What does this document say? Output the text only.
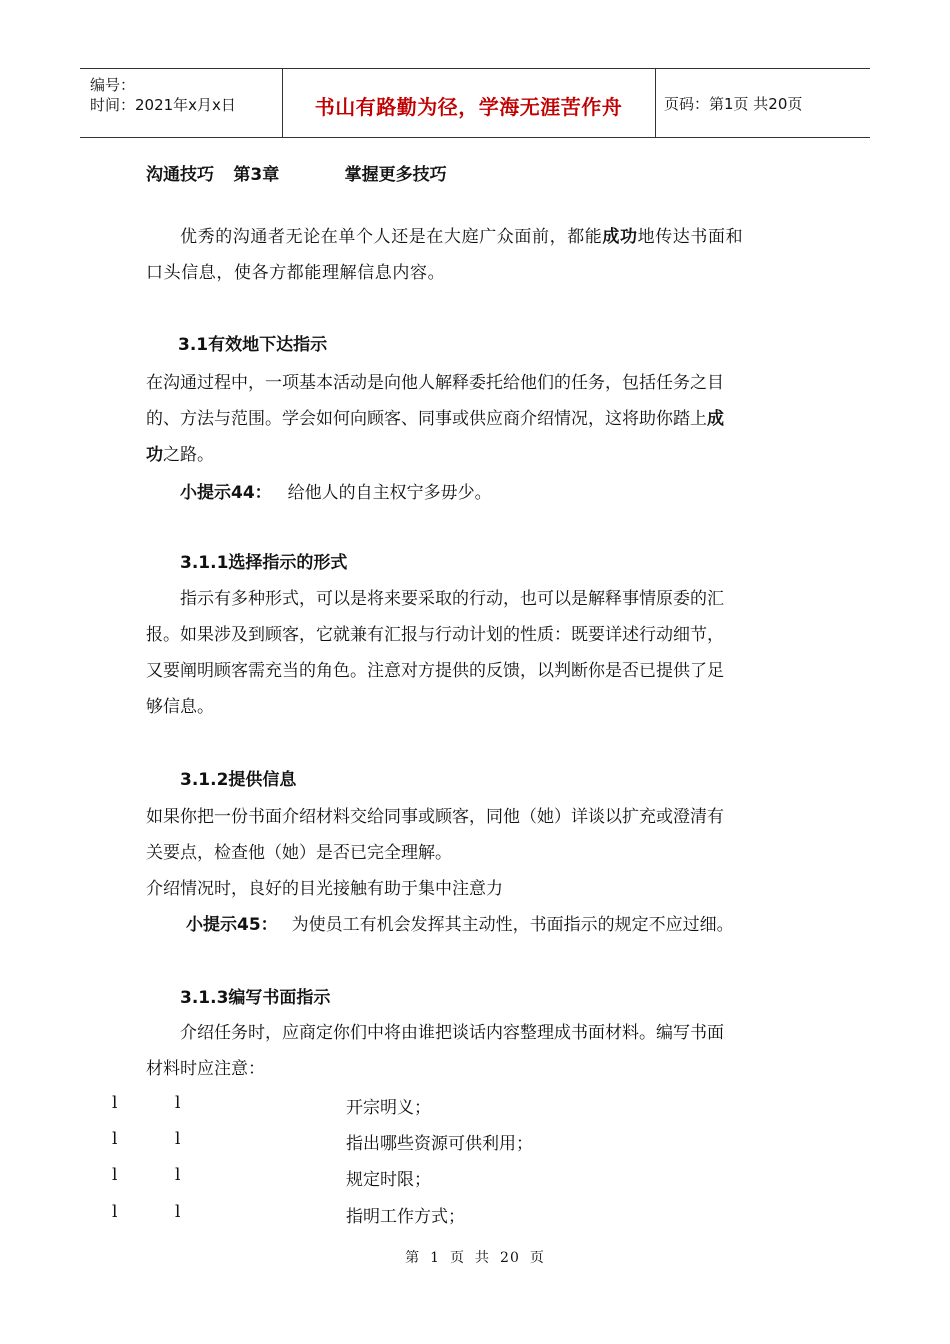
编号：
时间：2021年x月x日	书山有路勤为径，学海无涯苦作舟	页码：第1页 共20页
沟通技巧 第3章	掌握更多技巧
优秀的沟通者无论在单个人还是在大庭广众面前，都能成功地传达书面和
口头信息，使各方都能理解信息内容。
3.1有效地下达指示
在沟通过程中，一项基本活动是向他人解释委托给他们的任务，包括任务之目
的、方法与范围。学会如何向顾客、同事或供应商介绍情况，这将助你踏上成
功之路。
小提示44： 给他人的自主权宁多毋少。
3.1.1选择指示的形式
指示有多种形式，可以是将来要采取的行动，也可以是解释事情原委的汇
报。如果涉及到顾客，它就兼有汇报与行动计划的性质：既要详述行动细节，
又要阐明顾客需充当的角色。注意对方提供的反馈，以判断你是否已提供了足
够信息。
3.1.2提供信息
如果你把一份书面介绍材料交给同事或顾客，同他（她）详谈以扩充或澄清有
关要点，检查他（她）是否已完全理解。
介绍情况时，良好的目光接触有助于集中注意力
小提示45： 为使员工有机会发挥其主动性，书面指示的规定不应过细。
3.1.3编写书面指示
介绍任务时，应商定你们中将由谁把谈话内容整理成书面材料。编写书面
材料时应注意：
l	l	开宗明义；
l	l	指出哪些资源可供利用；
l	l	规定时限；
l	l	指明工作方式；
第 1 页 共 20 页
